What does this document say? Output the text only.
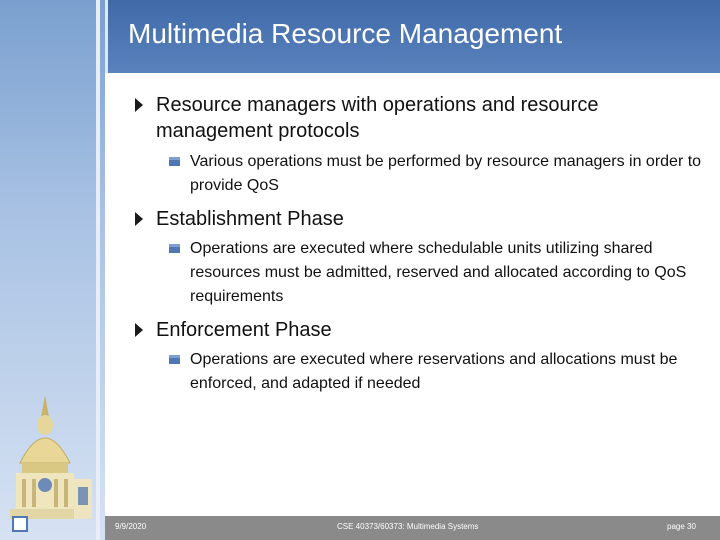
Multimedia Resource Management
Resource managers with operations and resource management protocols
Various operations must be performed by resource managers in order to provide QoS
Establishment Phase
Operations are executed where schedulable units utilizing shared resources must be admitted, reserved and allocated according to QoS requirements
Enforcement Phase
Operations are executed where reservations and allocations must be enforced, and adapted if needed
9/9/2020	CSE 40373/60373: Multimedia Systems	page 30
